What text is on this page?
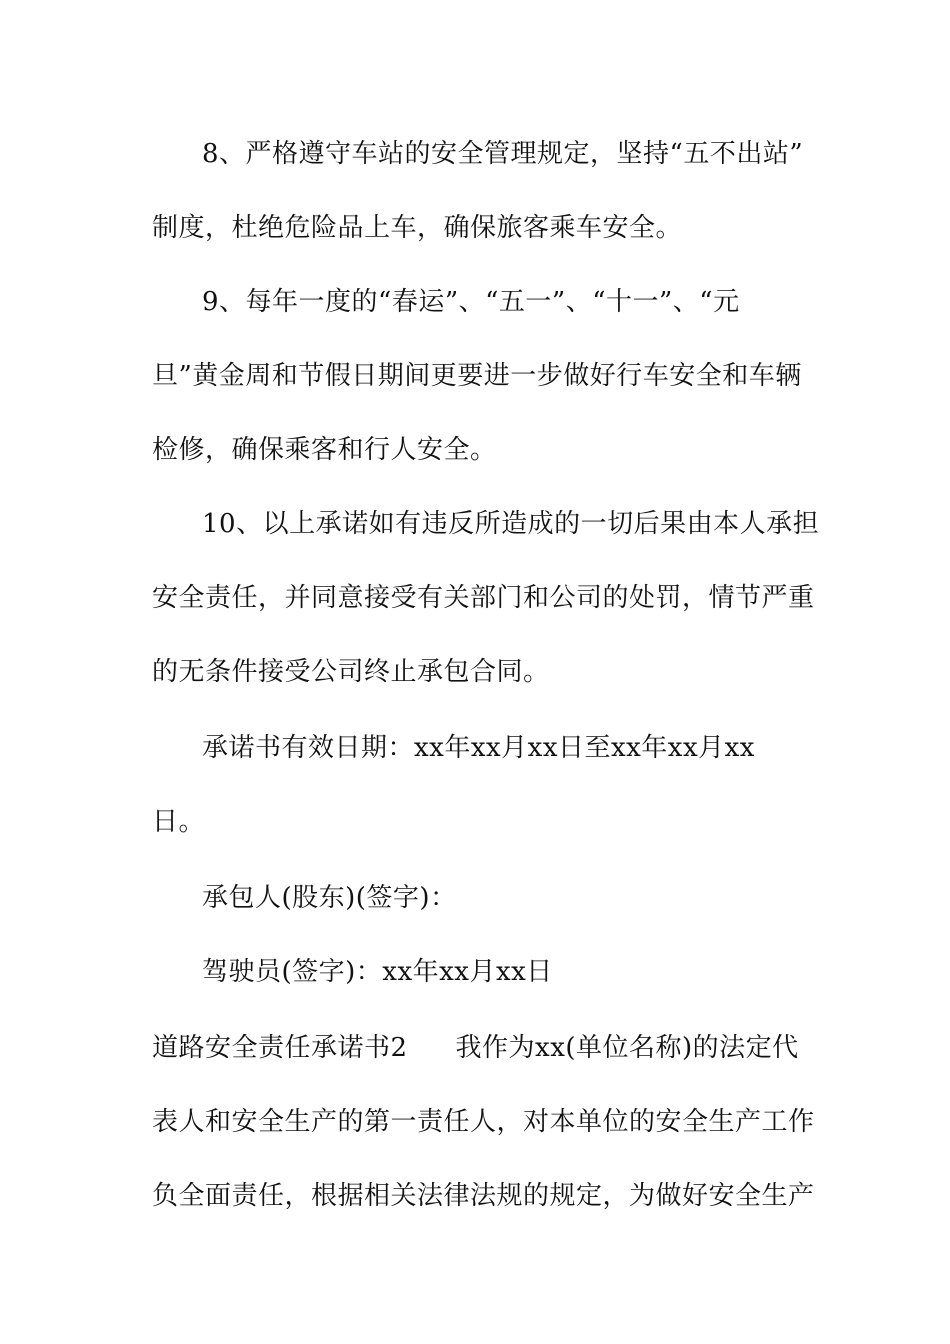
8、严格遵守车站的安全管理规定，坚持“五不出站”
制度，杜绝危险品上车，确保旅客乘车安全。
9、每年一度的“春运”、“五一”、“十一”、“元
旦”黄金周和节假日期间更要进一步做好行车安全和车辆
检修，确保乘客和行人安全。
10、以上承诺如有违反所造成的一切后果由本人承担
安全责任，并同意接受有关部门和公司的处罚，情节严重
的无条件接受公司终止承包合同。
承诺书有效日期：xx年xx月xx日至xx年xx月xx
日。
承包人(股东)(签字)：
驾驶员(签字)：xx年xx月xx日
道路安全责任承诺书2 我作为xx(单位名称)的法定代
表人和安全生产的第一责任人，对本单位的安全生产工作
负全面责任，根据相关法律法规的规定，为做好安全生产
